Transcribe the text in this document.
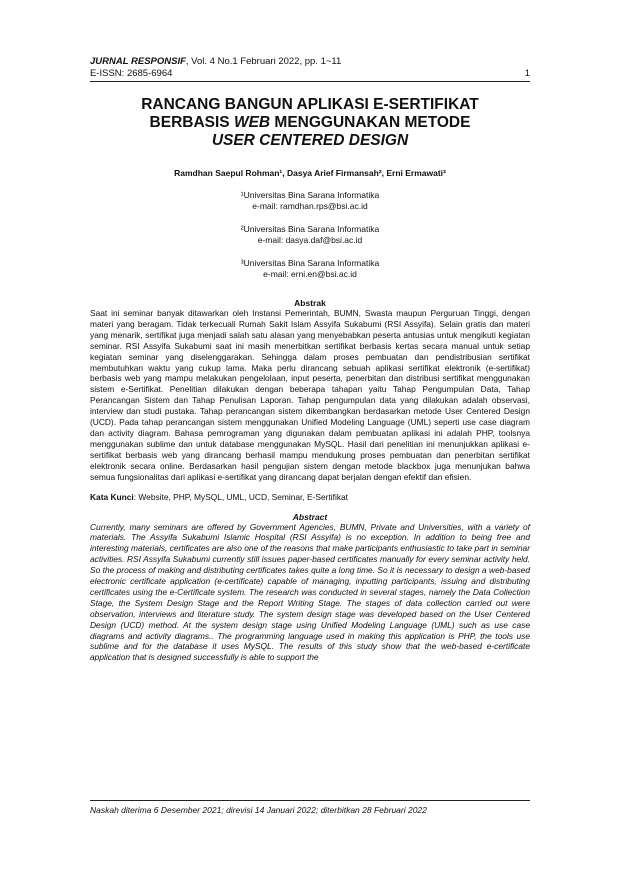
JURNAL RESPONSIF, Vol. 4 No.1 Februari 2022, pp. 1~11
E-ISSN: 2685-6964	1
RANCANG BANGUN APLIKASI E-SERTIFIKAT
BERBASIS WEB MENGGUNAKAN METODE
USER CENTERED DESIGN
Ramdhan Saepul Rohman¹, Dasya Arief Firmansah², Erni Ermawati³
¹Universitas Bina Sarana Informatika
e-mail: ramdhan.rps@bsi.ac.id
²Universitas Bina Sarana Informatika
e-mail: dasya.daf@bsi.ac.id
³Universitas Bina Sarana Informatika
e-mail: erni.en@bsi.ac.id
Abstrak
Saat ini seminar banyak ditawarkan oleh Instansi Pemerintah, BUMN, Swasta maupun Perguruan Tinggi, dengan materi yang beragam. Tidak terkecuali Rumah Sakit Islam Assyifa Sukabumi (RSI Assyifa). Selain gratis dan materi yang menarik, sertifikat juga menjadi salah satu alasan yang menyebabkan peserta antusias untuk mengikuti kegiatan seminar. RSI Assyifa Sukabumi saat ini masih menerbitkan sertifikat berbasis kertas secara manual untuk setiap kegiatan seminar yang diselenggarakan. Sehingga dalam proses pembuatan dan pendistribusian sertifikat membutuhkan waktu yang cukup lama. Maka perlu dirancang sebuah aplikasi sertifikat elektronik (e-sertifikat) berbasis web yang mampu melakukan pengelolaan, input peserta, penerbitan dan distribusi sertifikat menggunakan sistem e-Sertifikat. Penelitian dilakukan dengan beberapa tahapan yaitu Tahap Pengumpulan Data, Tahap Perancangan Sistem dan Tahap Penulisan Laporan. Tahap pengumpulan data yang dilakukan adalah observasi, interview dan studi pustaka. Tahap perancangan sistem dikembangkan berdasarkan metode User Centered Design (UCD). Pada tahap perancangan sistem menggunakan Unified Modeling Language (UML) seperti use case diagram dan activity diagram. Bahasa pemrograman yang digunakan dalam pembuatan aplikasi ini adalah PHP, toolsnya menggunakan sublime dan untuk database menggunakan MySQL. Hasil dari penelitian ini menunjukkan aplikasi e-sertifikat berbasis web yang dirancang berhasil mampu mendukung proses pembuatan dan penerbitan sertifikat elektronik secara online. Berdasarkan hasil pengujian sistem dengan metode blackbox juga menunjukan bahwa semua fungsionalitas dari aplikasi e-sertifikat yang dirancang dapat berjalan dengan efektif dan efisien.
Kata Kunci: Website, PHP, MySQL, UML, UCD, Seminar, E-Sertifikat
Abstract
Currently, many seminars are offered by Government Agencies, BUMN, Private and Universities, with a variety of materials. The Assyifa Sukabumi Islamic Hospital (RSI Assyifa) is no exception. In addition to being free and interesting materials, certificates are also one of the reasons that make participants enthusiastic to take part in seminar activities. RSI Assyifa Sukabumi currently still issues paper-based certificates manually for every seminar activity held. So the process of making and distributing certificates takes quite a long time. So it is necessary to design a web-based electronic certificate application (e-certificate) capable of managing, inputting participants, issuing and distributing certificates using the e-Certificate system. The research was conducted in several stages, namely the Data Collection Stage, the System Design Stage and the Report Writing Stage. The stages of data collection carried out were observation, interviews and literature study. The system design stage was developed based on the User Centered Design (UCD) method. At the system design stage using Unified Modeling Language (UML) such as use case diagrams and activity diagrams.. The programming language used in making this application is PHP, the tools use sublime and for the database it uses MySQL. The results of this study show that the web-based e-certificate application that is designed successfully is able to support the
Naskah diterima 6 Desember 2021; direvisi 14 Januari 2022; diterbitkan 28 Februari 2022
